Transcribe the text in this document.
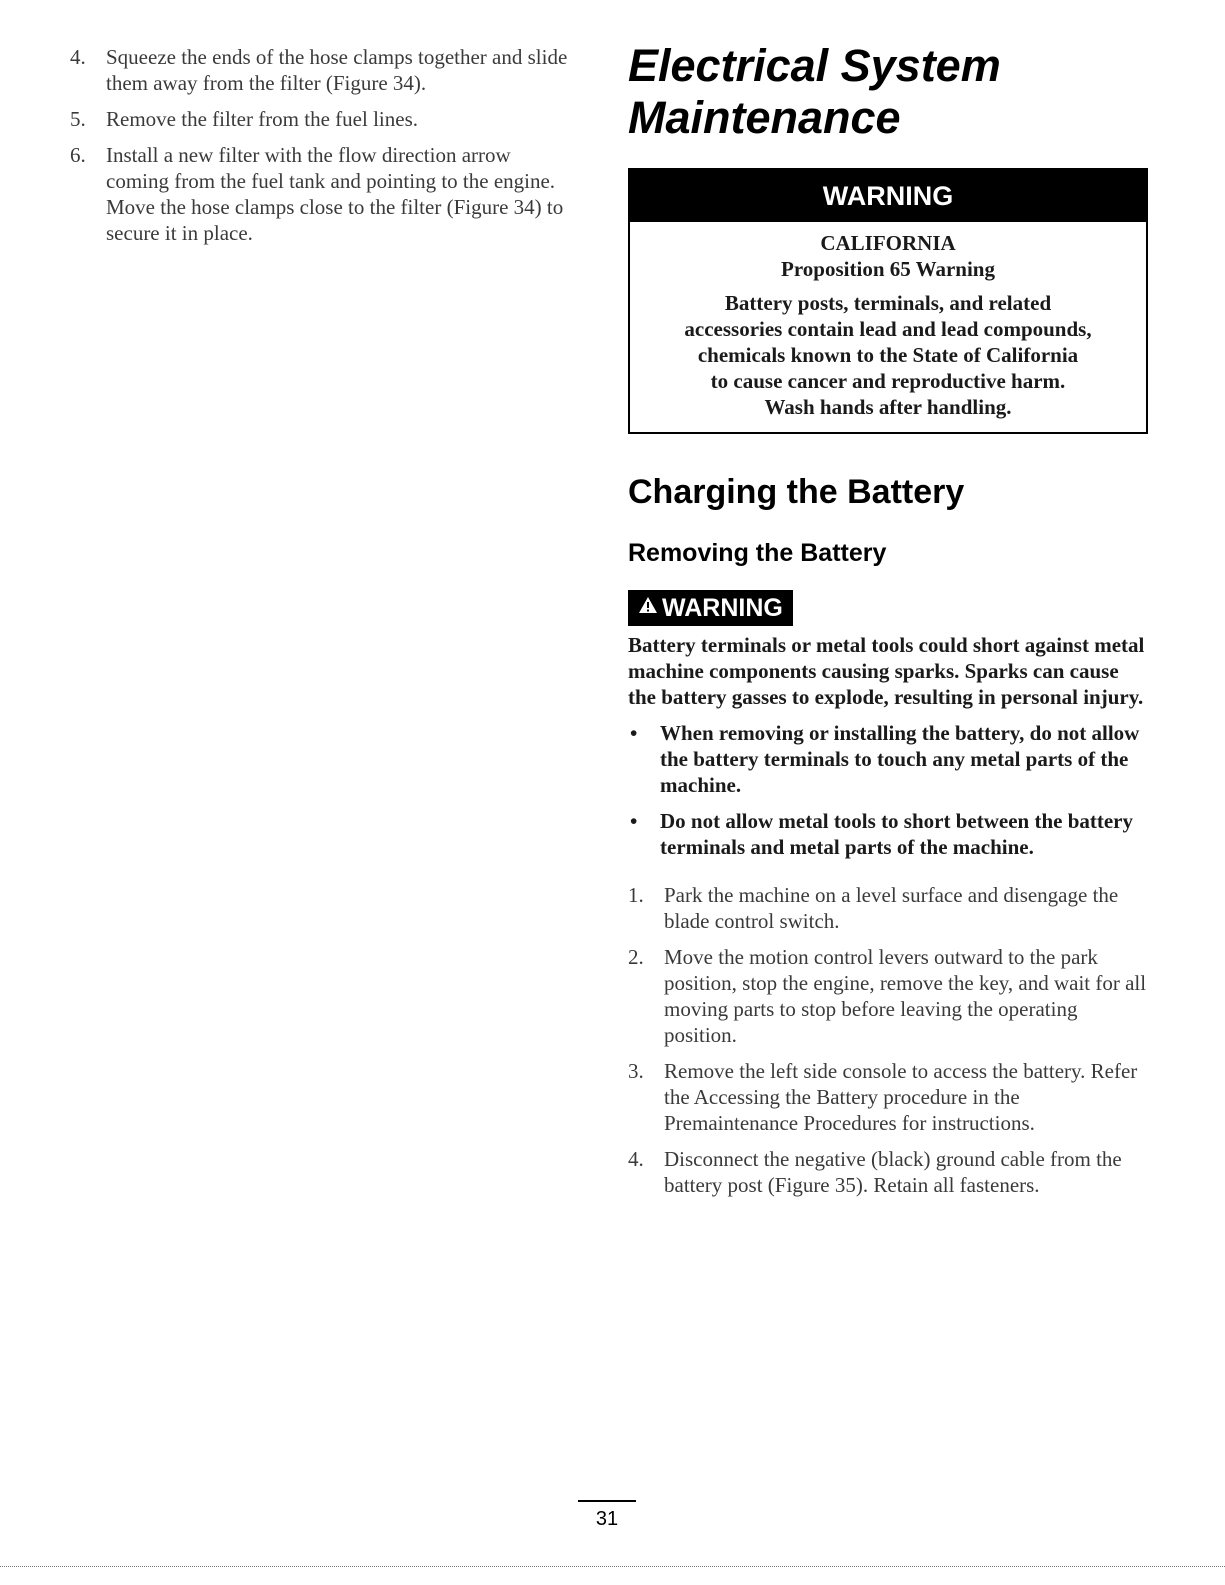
4. Squeeze the ends of the hose clamps together and slide them away from the filter (Figure 34).
5. Remove the filter from the fuel lines.
6. Install a new filter with the flow direction arrow coming from the fuel tank and pointing to the engine. Move the hose clamps close to the filter (Figure 34) to secure it in place.
Electrical System
Maintenance
WARNING
CALIFORNIA
Proposition 65 Warning
Battery posts, terminals, and related
accessories contain lead and lead compounds,
chemicals known to the State of California
to cause cancer and reproductive harm.
Wash hands after handling.
Charging the Battery
Removing the Battery
WARNING

Battery terminals or metal tools could short against metal machine components causing sparks. Sparks can cause the battery gasses to explode, resulting in personal injury.

• When removing or installing the battery, do not allow the battery terminals to touch any metal parts of the machine.
• Do not allow metal tools to short between the battery terminals and metal parts of the machine.
1. Park the machine on a level surface and disengage the blade control switch.
2. Move the motion control levers outward to the park position, stop the engine, remove the key, and wait for all moving parts to stop before leaving the operating position.
3. Remove the left side console to access the battery. Refer the Accessing the Battery procedure in the Premaintenance Procedures for instructions.
4. Disconnect the negative (black) ground cable from the battery post (Figure 35). Retain all fasteners.
31
